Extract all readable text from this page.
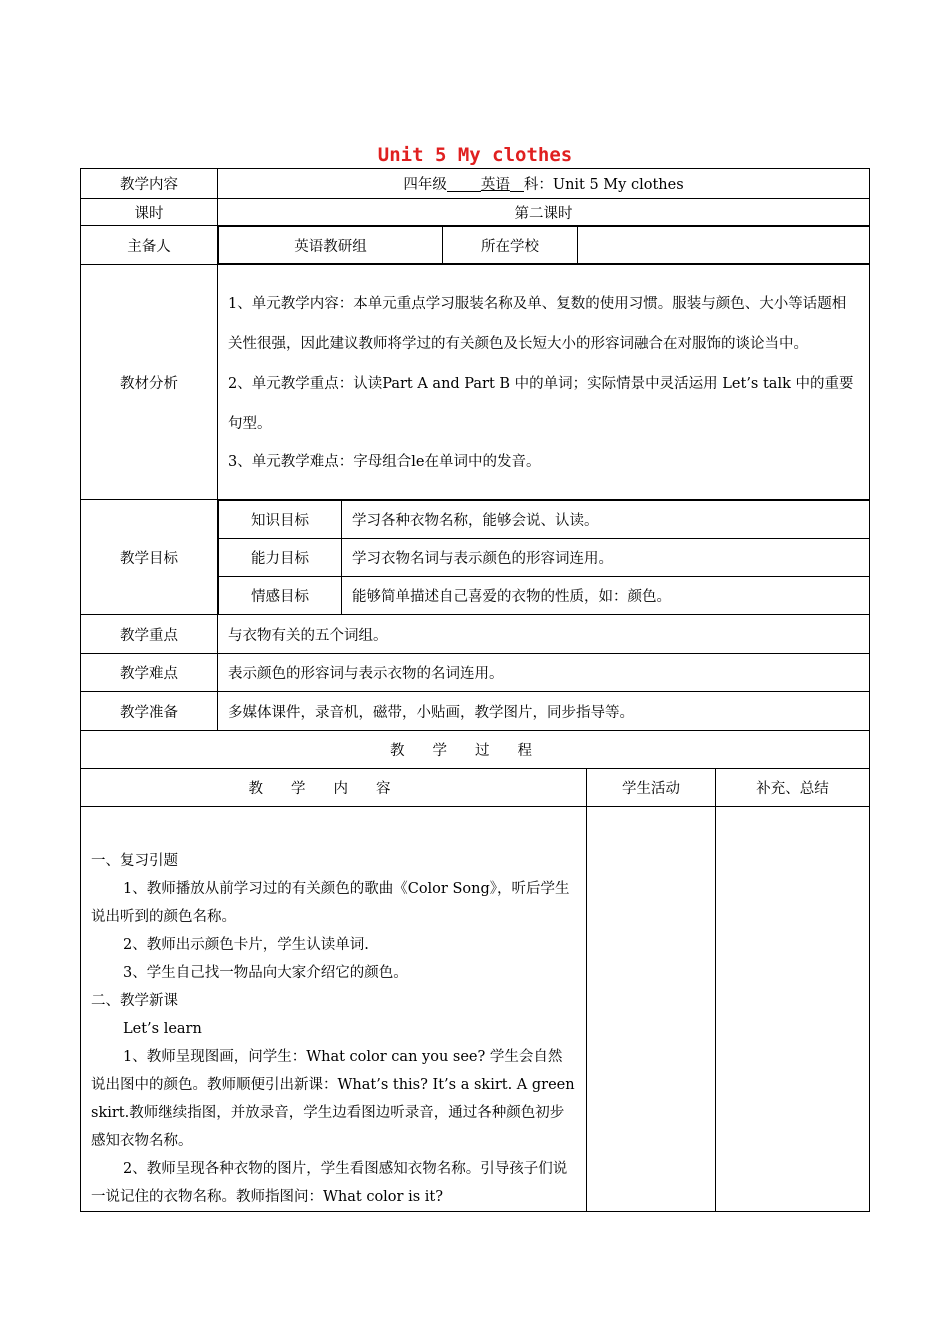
Unit 5 My clothes
教学内容	四年级 英语 科：Unit 5 My clothes
课时	第二课时
主备人		英语教研组	所在学校	

教材分析	

1、单元教学内容：本单元重点学习服装名称及单、复数的使用习惯。服装与颜色、大小等话题相关性很强，因此建议教师将学过的有关颜色及长短大小的形容词融合在对服饰的谈论当中。

2、单元教学重点：认读Part A and Part B 中的单词；实际情景中灵活运用 Let’s talk 中的重要句型。

3、单元教学难点：字母组合le在单词中的发音。

教学目标	
知识目标	学习各种衣物名称，能够会说、认读。
能力目标	学习衣物名词与表示颜色的形容词连用。
情感目标	能够简单描述自己喜爱的衣物的性质，如：颜色。

教学重点	与衣物有关的五个词组。
教学难点	表示颜色的形容词与表示衣物的名词连用。
教学准备	多媒体课件，录音机，磁带，小贴画，教学图片，同步指导等。
教学过程
教学内容	学生活动	补充、总结

一、复习引题

1、教师播放从前学习过的有关颜色的歌曲《Color Song》，听后学生说出听到的颜色名称。

2、教师出示颜色卡片，学生认读单词.

3、学生自己找一物品向大家介绍它的颜色。

二、教学新课

Let’s learn

1、教师呈现图画，问学生：What color can you see? 学生会自然说出图中的颜色。教师顺便引出新课：What’s this? It’s a skirt. A green skirt.教师继续指图，并放录音，学生边看图边听录音，通过各种颜色初步感知衣物名称。

2、教师呈现各种衣物的图片，学生看图感知衣物名称。引导孩子们说一说记住的衣物名称。教师指图问：What color is it?
